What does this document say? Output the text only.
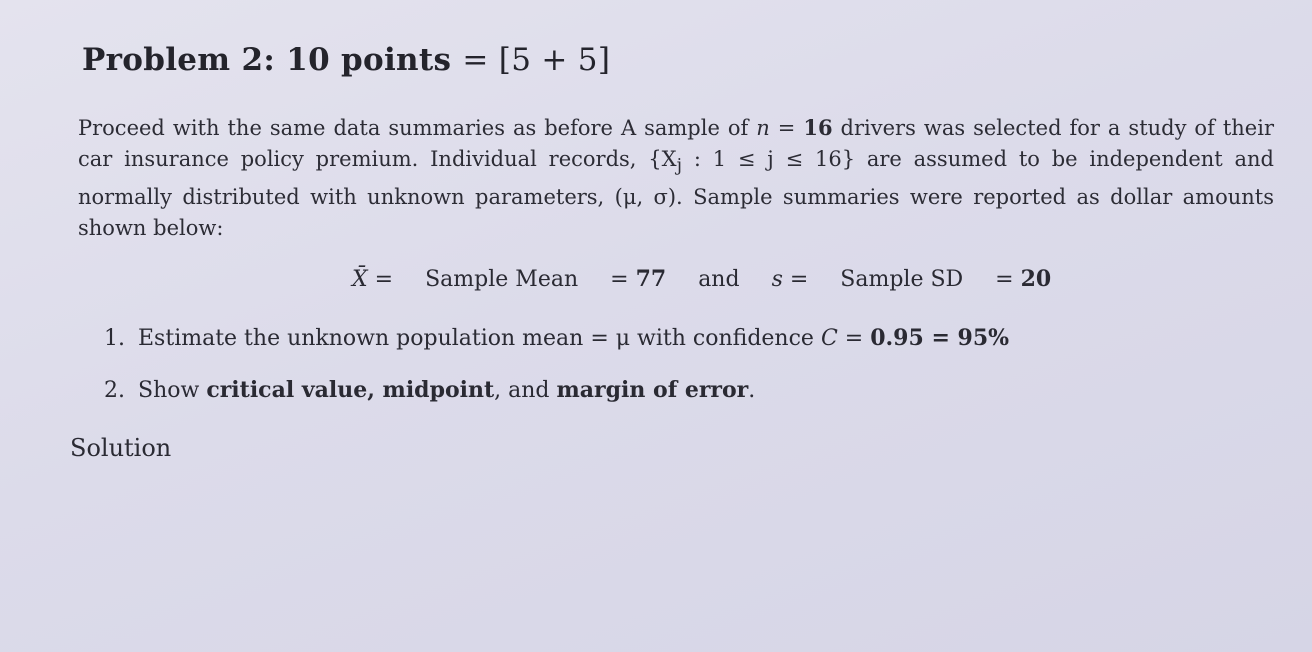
Problem 2: 10 points = [5 + 5]
Proceed with the same data summaries as before A sample of n = 16 drivers was selected for a study of their car insurance policy premium. Individual records, {$X_j$ : 1 ≤ j ≤ 16} are assumed to be independent and normally distributed with unknown parameters, (μ, σ). Sample summaries were reported as dollar amounts shown below:
X̄ = Sample Mean = 77 and s = Sample SD = 20
1. Estimate the unknown population mean = μ with confidence C = 0.95 = 95%
2. Show critical value, midpoint, and margin of error.
Solution
